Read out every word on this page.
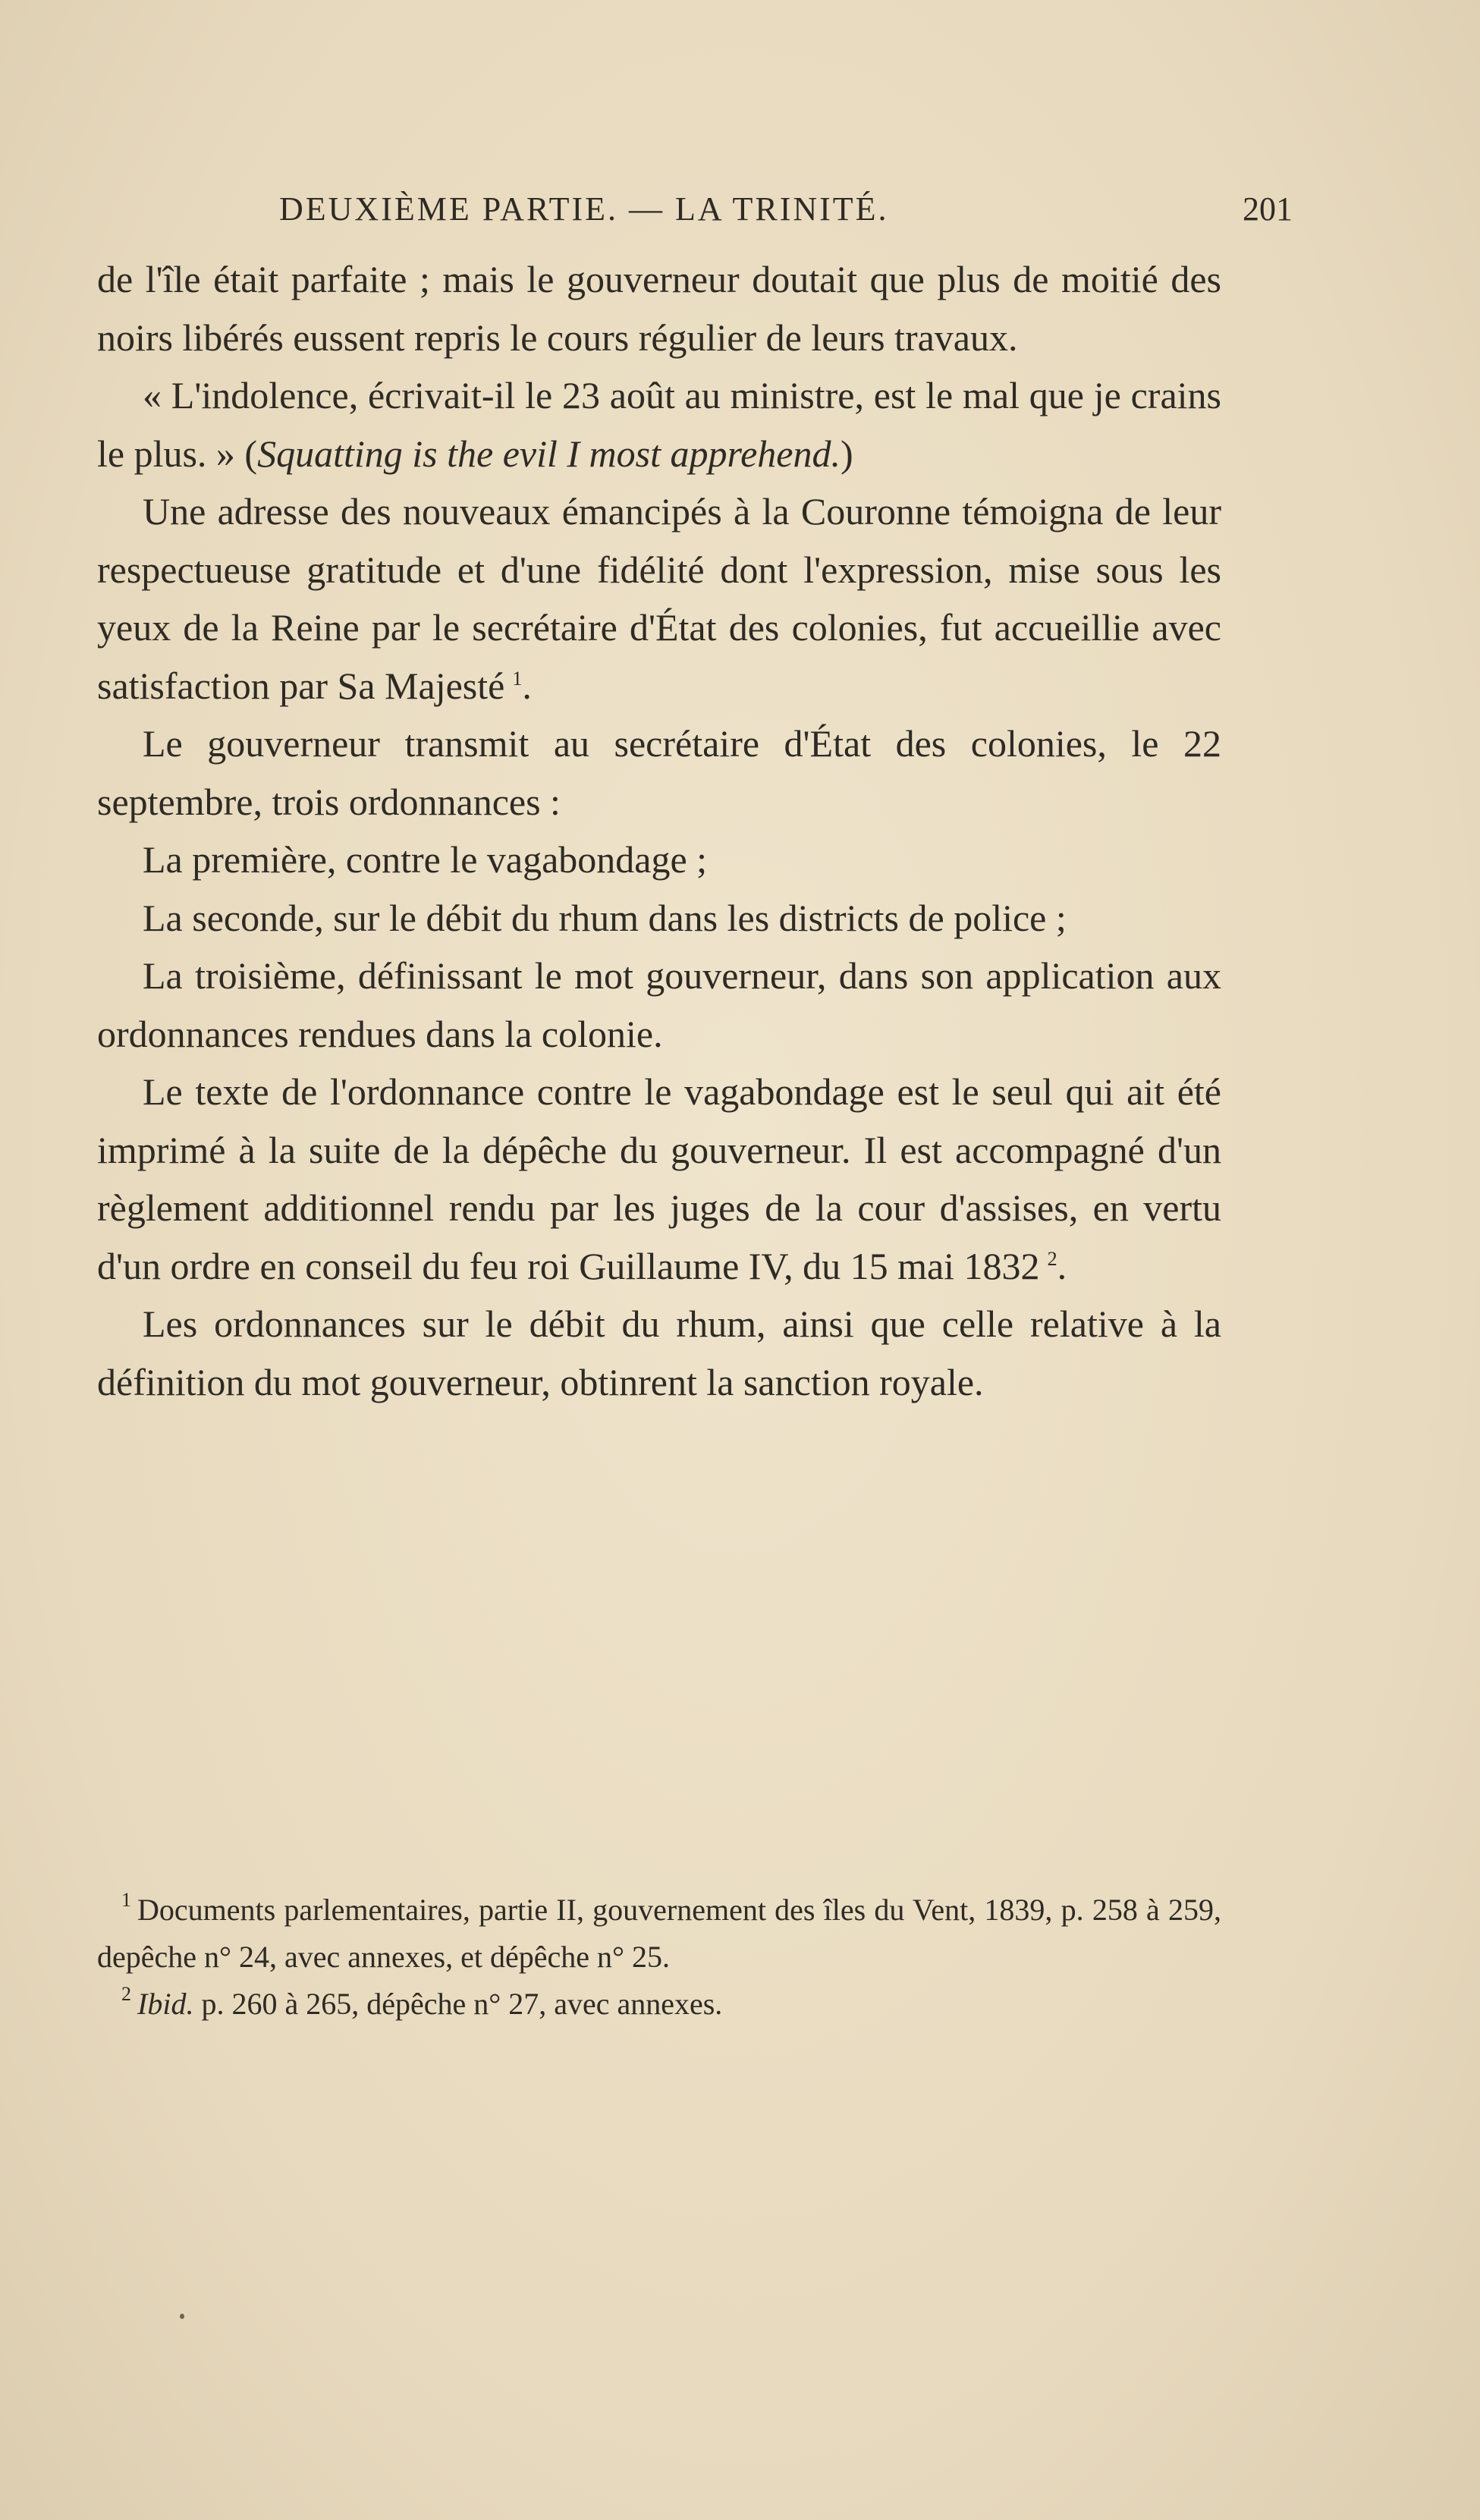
DEUXIÈME PARTIE. — LA TRINITÉ.	201

de l'île était parfaite ; mais le gouverneur doutait que plus de moitié des noirs libérés eussent repris le cours régulier de leurs travaux.

« L'indolence, écrivait-il le 23 août au ministre, est le mal que je crains le plus. » (Squatting is the evil I most apprehend.)

Une adresse des nouveaux émancipés à la Couronne témoigna de leur respectueuse gratitude et d'une fidélité dont l'expression, mise sous les yeux de la Reine par le secrétaire d'État des colonies, fut accueillie avec satisfaction par Sa Majesté  $^1$.

Le gouverneur transmit au secrétaire d'État des colonies, le 22 septembre, trois ordonnances :

La première, contre le vagabondage ;

La seconde, sur le débit du rhum dans les districts de police ;

La troisième, définissant le mot gouverneur, dans son application aux ordonnances rendues dans la colonie.

Le texte de l'ordonnance contre le vagabondage est le seul qui ait été imprimé à la suite de la dépêche du gouverneur. Il est accompagné d'un règlement additionnel rendu par les juges de la cour d'assises, en vertu d'un ordre en conseil du feu roi Guillaume IV, du 15 mai 1832  $^2$.

Les ordonnances sur le débit du rhum, ainsi que celle relative à la définition du mot gouverneur, obtinrent la sanction royale.

$^1$  Documents parlementaires, partie II, gouvernement des îles du Vent, 1839, p. 258 à 259, depêche n° 24, avec annexes, et dépêche n° 25.

$^2$  Ibid. p. 260 à 265, dépêche n° 27, avec annexes.
